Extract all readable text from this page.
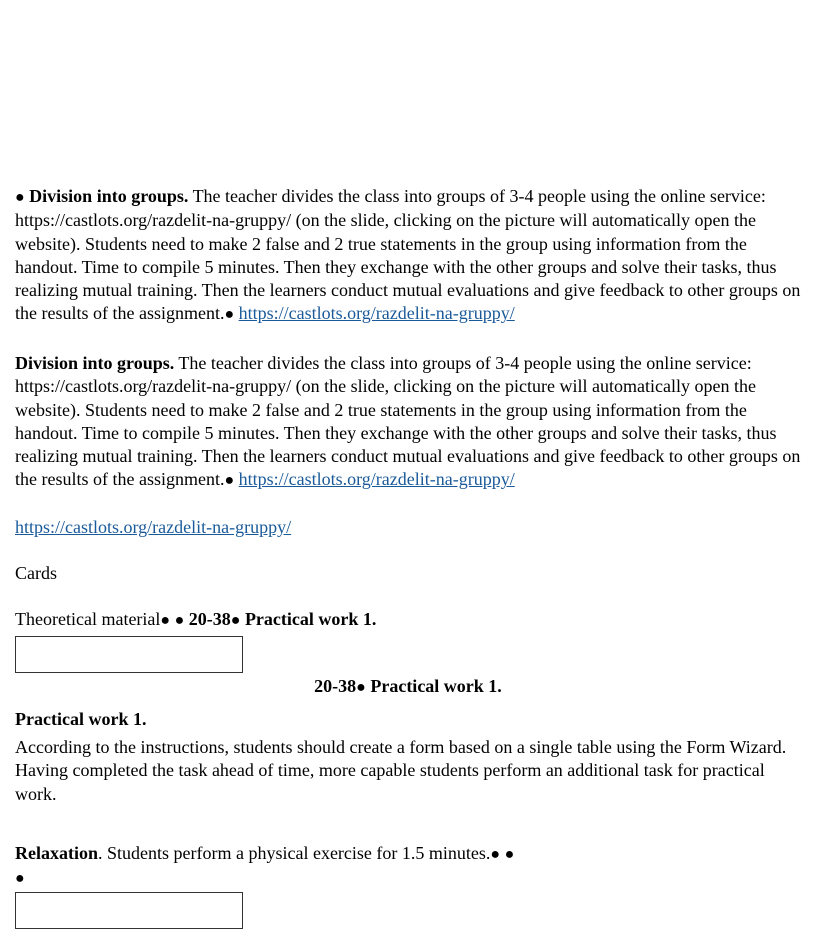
● Division into groups. The teacher divides the class into groups of 3-4 people using the online service: https://castlots.org/razdelit-na-gruppy/ (on the slide, clicking on the picture will automatically open the website). Students need to make 2 false and 2 true statements in the group using information from the handout. Time to compile 5 minutes. Then they exchange with the other groups and solve their tasks, thus realizing mutual training. Then the learners conduct mutual evaluations and give feedback to other groups on the results of the assignment.● https://castlots.org/razdelit-na-gruppy/

Division into groups. The teacher divides the class into groups of 3-4 people using the online service: https://castlots.org/razdelit-na-gruppy/ (on the slide, clicking on the picture will automatically open the website). Students need to make 2 false and 2 true statements in the group using information from the handout. Time to compile 5 minutes. Then they exchange with the other groups and solve their tasks, thus realizing mutual training. Then the learners conduct mutual evaluations and give feedback to other groups on the results of the assignment.● https://castlots.org/razdelit-na-gruppy/

https://castlots.org/razdelit-na-gruppy/
Cards
Theoretical material● ● 20-38● Practical work 1.
20-38● Practical work 1.
Practical work 1.

According to the instructions, students should create a form based on a single table using the Form Wizard. Having completed the task ahead of time, more capable students perform an additional task for practical work.

Relaxation. Students perform a physical exercise for 1.5 minutes.● ●
●
